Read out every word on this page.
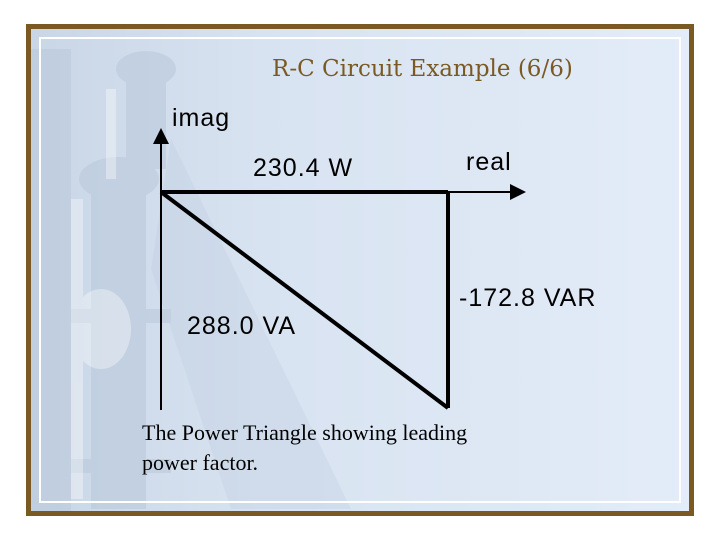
R-C Circuit Example (6/6)
imag
230.4 W	real
-172.8 VAR
288.0 VA
The Power Triangle showing leading
power factor.
